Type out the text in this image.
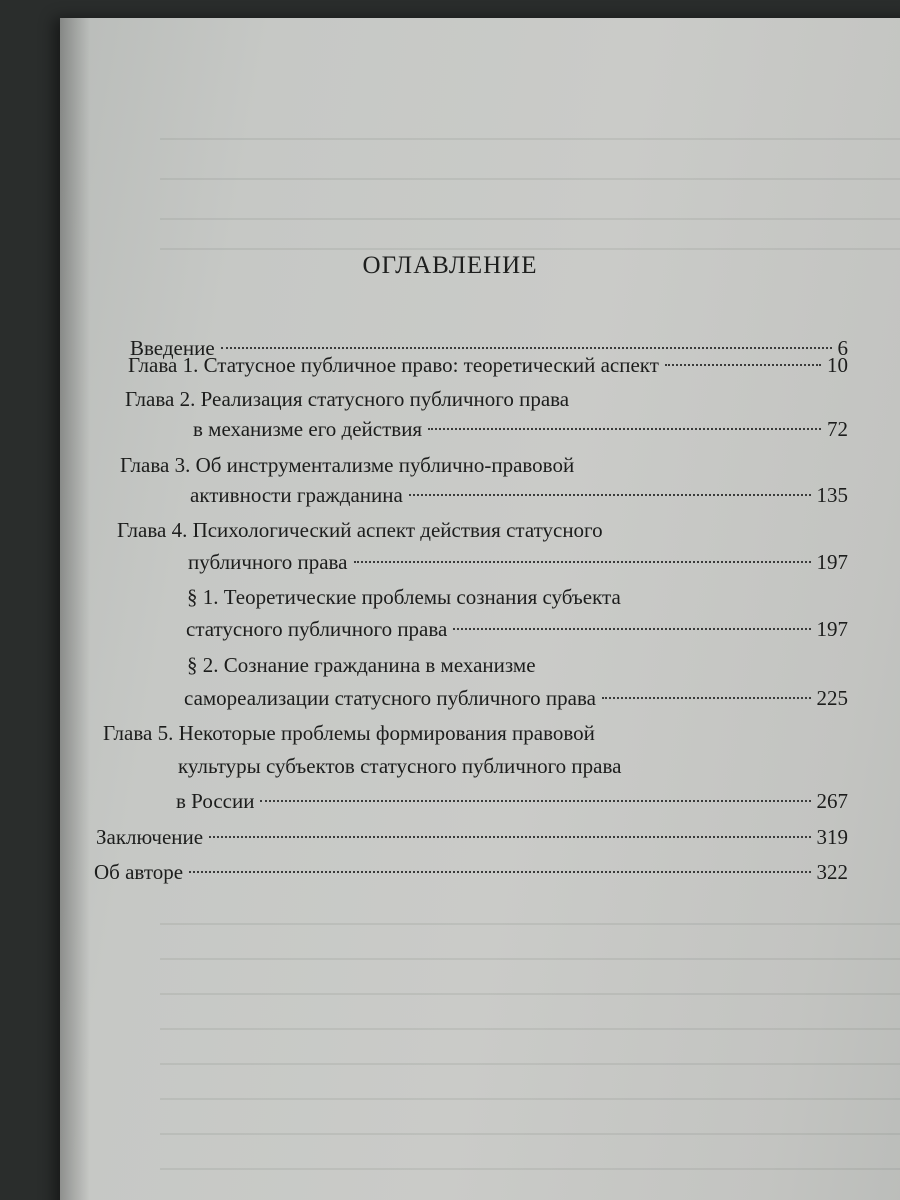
ОГЛАВЛЕНИЕ
Введение	6
Глава 1. Статусное публичное право: теоретический аспект	10
Глава 2. Реализация статусного публичного права
в механизме его действия	72
Глава 3. Об инструментализме публично-правовой
активности гражданина	135
Глава 4. Психологический аспект действия статусного
публичного права	197
§ 1. Теоретические проблемы сознания субъекта
статусного публичного права	197
§ 2. Сознание гражданина в механизме
самореализации статусного публичного права	225
Глава 5. Некоторые проблемы формирования правовой
культуры субъектов статусного публичного права
в России	267
Заключение	319
Об авторе	322
